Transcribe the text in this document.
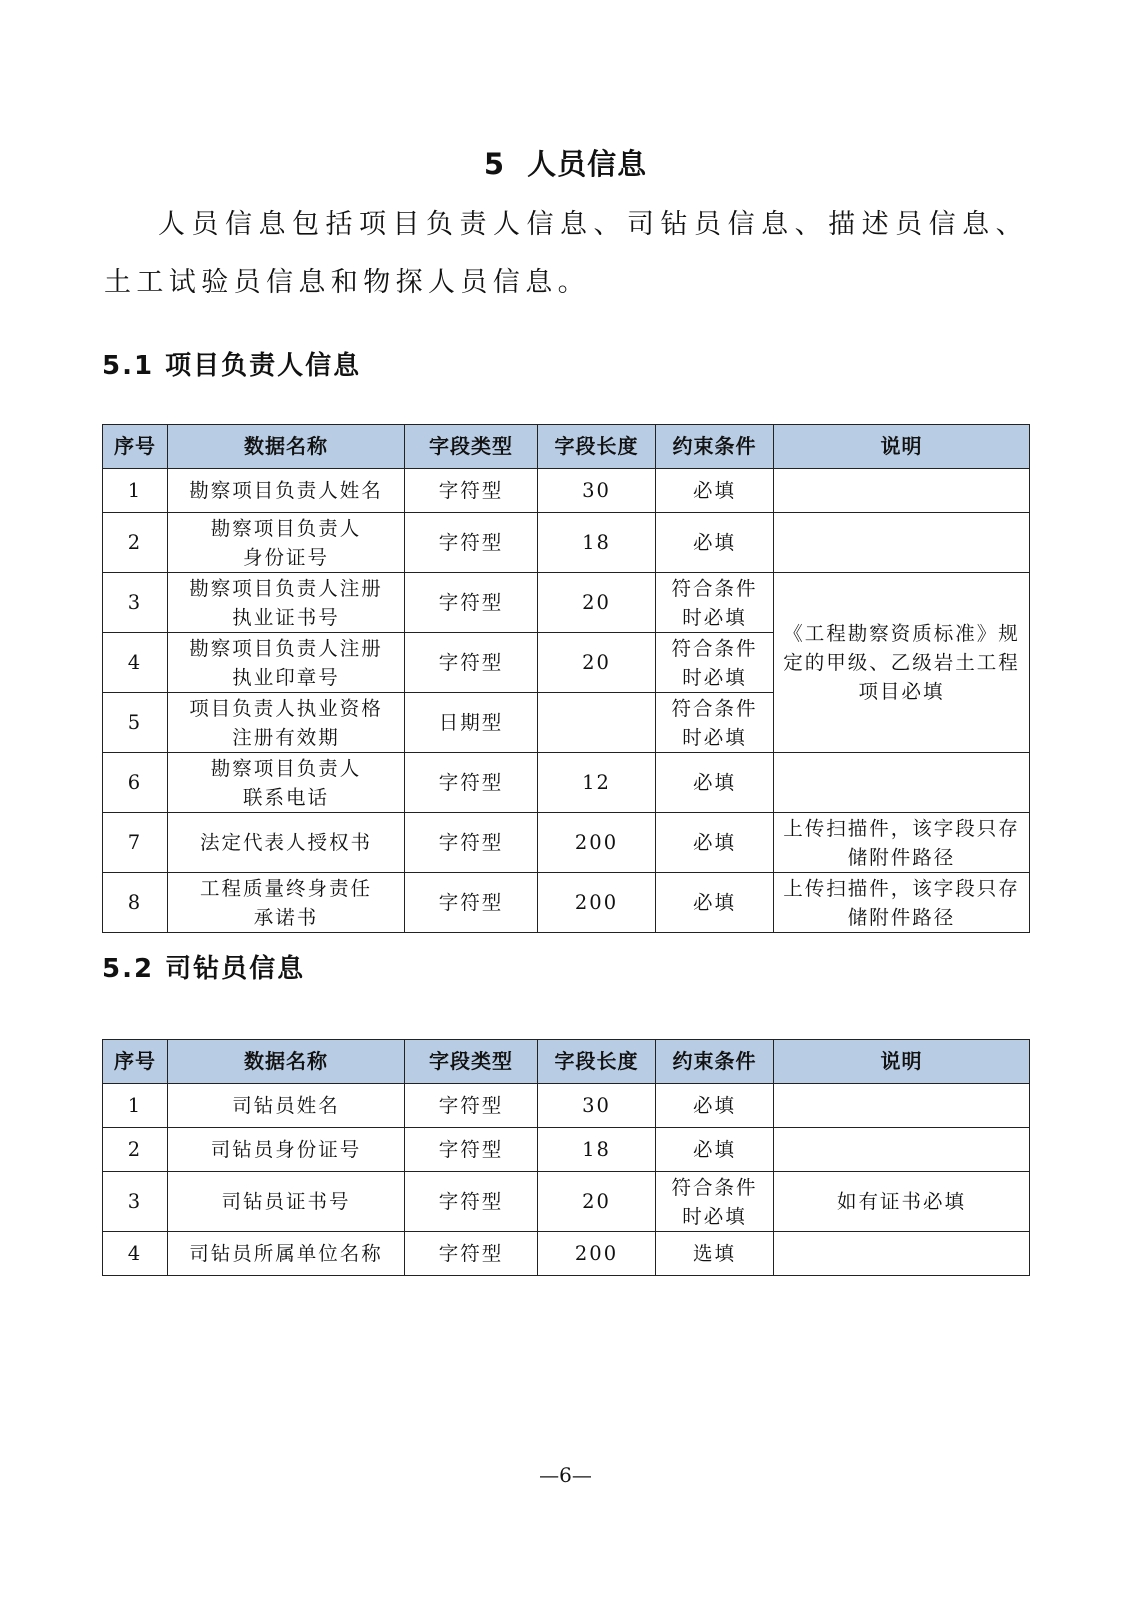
5 人员信息

人员信息包括项目负责人信息、司钻员信息、描述员信息、土工试验员信息和物探人员信息。

5.1 项目负责人信息
序号	数据名称	字段类型	字段长度	约束条件	说明
1	勘察项目负责人姓名	字符型	30	必填	
2	勘察项目负责人
身份证号	字符型	18	必填	
3	勘察项目负责人注册
执业证书号	字符型	20	符合条件
时必填	《工程勘察资质标准》规定的甲级、乙级岩土工程项目必填
4	勘察项目负责人注册
执业印章号	字符型	20	符合条件
时必填	
5	项目负责人执业资格
注册有效期	日期型		符合条件
时必填	
6	勘察项目负责人
联系电话	字符型	12	必填	
7	法定代表人授权书	字符型	200	必填	上传扫描件，该字段只存储附件路径
8	工程质量终身责任
承诺书	字符型	200	必填	上传扫描件，该字段只存储附件路径
5.2 司钻员信息
序号	数据名称	字段类型	字段长度	约束条件	说明
1	司钻员姓名	字符型	30	必填	
2	司钻员身份证号	字符型	18	必填	
3	司钻员证书号	字符型	20	符合条件
时必填	如有证书必填
4	司钻员所属单位名称	字符型	200	选填	
—6—
